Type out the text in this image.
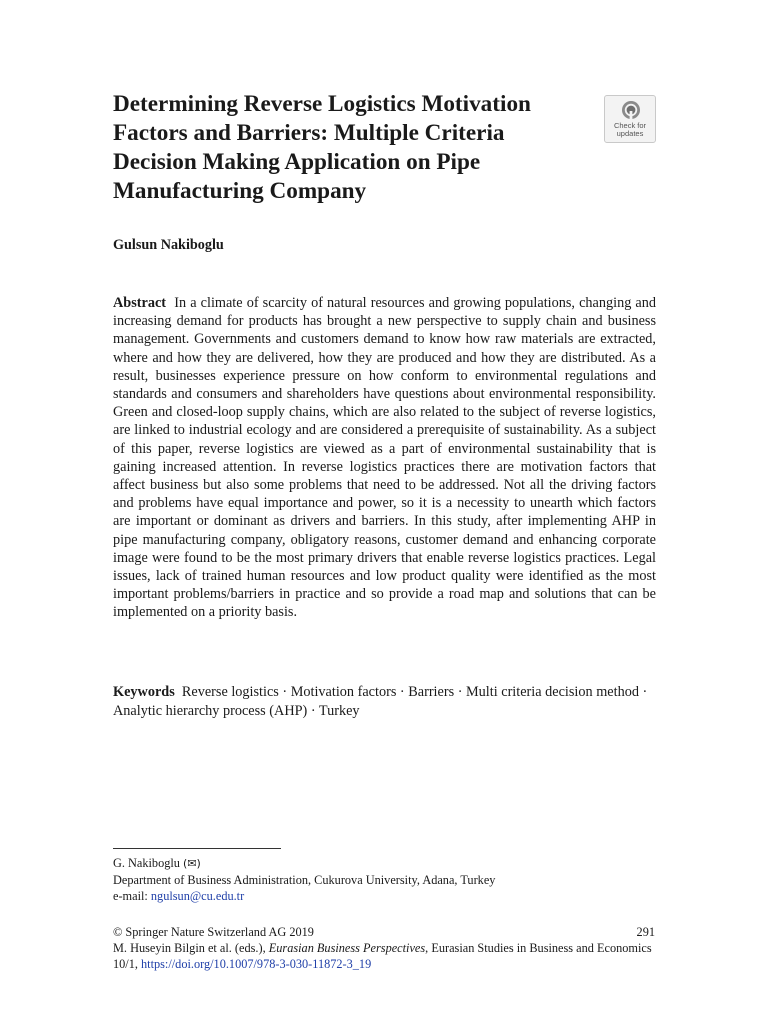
Determining Reverse Logistics Motivation Factors and Barriers: Multiple Criteria Decision Making Application on Pipe Manufacturing Company
Check for
updates

Gulsun Nakiboglu

Abstract In a climate of scarcity of natural resources and growing populations, changing and increasing demand for products has brought a new perspective to supply chain and business management. Governments and customers demand to know how raw materials are extracted, where and how they are delivered, how they are produced and how they are distributed. As a result, businesses experience pressure on how conform to environmental regulations and standards and consumers and shareholders have questions about environmental responsibility. Green and closed-loop supply chains, which are also related to the subject of reverse logistics, are linked to industrial ecology and are considered a prerequisite of sustainability. As a subject of this paper, reverse logistics are viewed as a part of environmental sustainability that is gaining increased attention. In reverse logistics practices there are motivation factors that affect business but also some problems that need to be addressed. Not all the driving factors and problems have equal importance and power, so it is a necessity to unearth which factors are important or dominant as drivers and barriers. In this study, after implementing AHP in pipe manufacturing company, obligatory reasons, customer demand and enhancing corporate image were found to be the most primary drivers that enable reverse logistics practices. Legal issues, lack of trained human resources and low product quality were identified as the most important problems/barriers in practice and so provide a road map and solutions that can be implemented on a priority basis.

Keywords Reverse logistics · Motivation factors · Barriers · Multi criteria decision method · Analytic hierarchy process (AHP) · Turkey

G. Nakiboglu (✉)
Department of Business Administration, Cukurova University, Adana, Turkey
e-mail: ngulsun@cu.edu.tr
© Springer Nature Switzerland AG 2019
M. Huseyin Bilgin et al. (eds.), Eurasian Business Perspectives, Eurasian Studies in Business and Economics 10/1, https://doi.org/10.1007/978-3-030-11872-3_19
291
